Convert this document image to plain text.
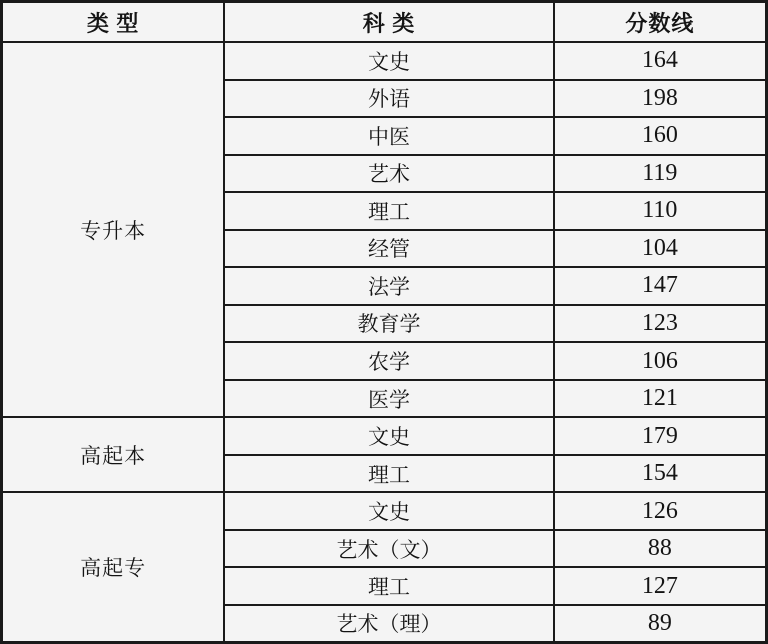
类 型	科 类	分数线
专升本	文史	164
	外语	198
	中医	160
	艺术	119
	理工	110
	经管	104
	法学	147
	教育学	123
	农学	106
	医学	121
高起本	文史	179
	理工	154
高起专	文史	126
	艺术（文）	88
	理工	127
	艺术（理）	89
